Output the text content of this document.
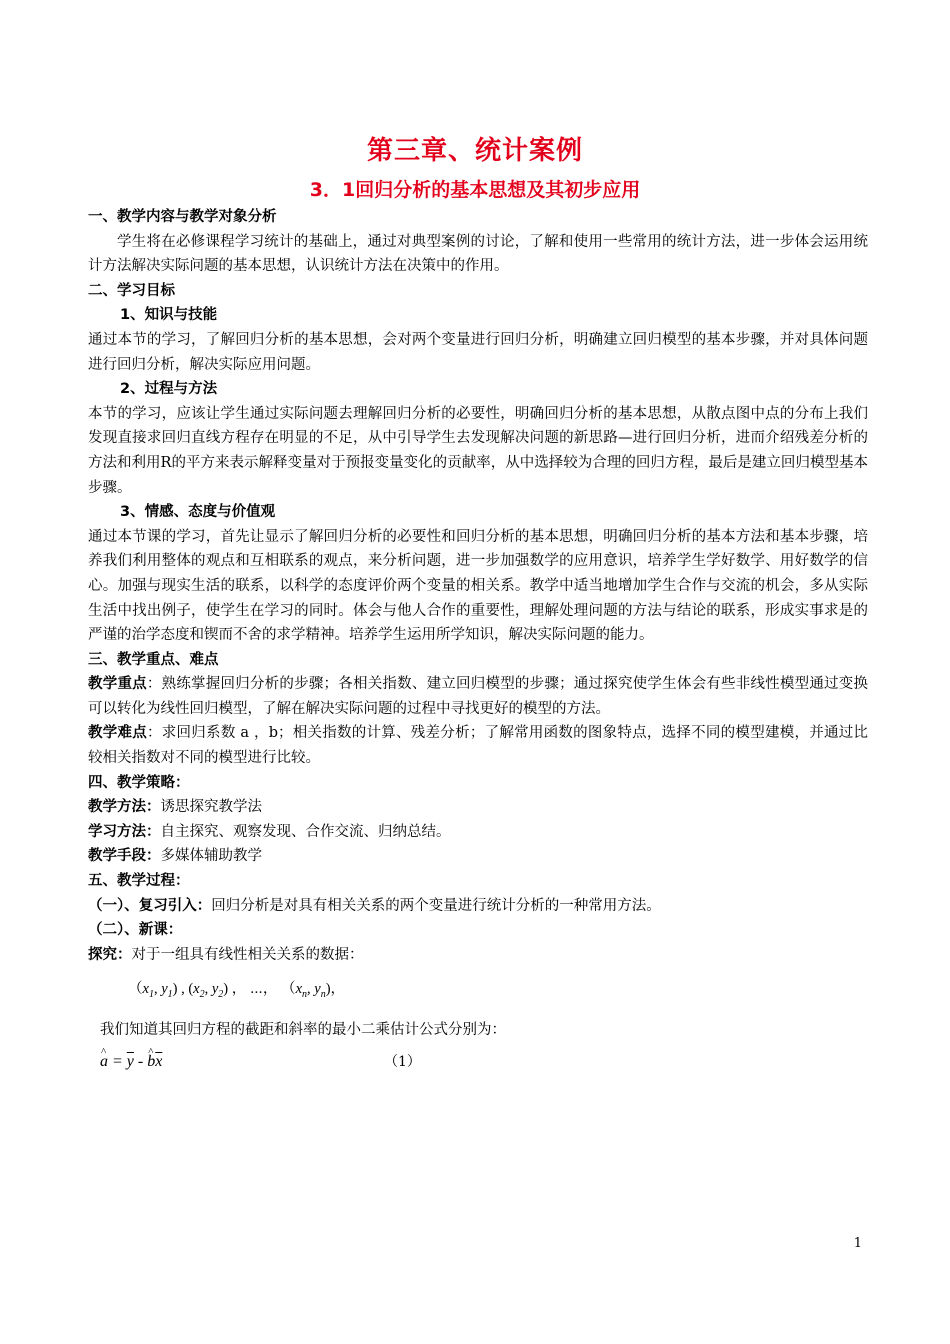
第三章、统计案例
3．1回归分析的基本思想及其初步应用

一、教学内容与教学对象分析

学生将在必修课程学习统计的基础上，通过对典型案例的讨论，了解和使用一些常用的统计方法，进一步体会运用统计方法解决实际问题的基本思想，认识统计方法在决策中的作用。

二、学习目标

1、知识与技能

通过本节的学习，了解回归分析的基本思想，会对两个变量进行回归分析，明确建立回归模型的基本步骤，并对具体问题进行回归分析，解决实际应用问题。

2、过程与方法

本节的学习，应该让学生通过实际问题去理解回归分析的必要性，明确回归分析的基本思想，从散点图中点的分布上我们发现直接求回归直线方程存在明显的不足，从中引导学生去发现解决问题的新思路—进行回归分析，进而介绍残差分析的方法和利用R的平方来表示解释变量对于预报变量变化的贡献率，从中选择较为合理的回归方程，最后是建立回归模型基本步骤。

3、情感、态度与价值观

通过本节课的学习，首先让显示了解回归分析的必要性和回归分析的基本思想，明确回归分析的基本方法和基本步骤，培养我们利用整体的观点和互相联系的观点，来分析问题，进一步加强数学的应用意识，培养学生学好数学、用好数学的信心。加强与现实生活的联系，以科学的态度评价两个变量的相关系。教学中适当地增加学生合作与交流的机会，多从实际生活中找出例子，使学生在学习的同时。体会与他人合作的重要性，理解处理问题的方法与结论的联系，形成实事求是的严谨的治学态度和锲而不舍的求学精神。培养学生运用所学知识，解决实际问题的能力。

三、教学重点、难点

教学重点：熟练掌握回归分析的步骤；各相关指数、建立回归模型的步骤；通过探究使学生体会有些非线性模型通过变换可以转化为线性回归模型，了解在解决实际问题的过程中寻找更好的模型的方法。

教学难点：求回归系数 a ，b；相关指数的计算、残差分析；了解常用函数的图象特点，选择不同的模型建模，并通过比较相关指数对不同的模型进行比较。

四、教学策略：

教学方法：诱思探究教学法

学习方法：自主探究、观察发现、合作交流、归纳总结。

教学手段：多媒体辅助教学

五、教学过程：

（一）、复习引入：回归分析是对具有相关关系的两个变量进行统计分析的一种常用方法。

（二）、新课：

探究：对于一组具有线性相关关系的数据：

（$x_1$, $y_1$) , ($x_2$, $y_2$) ， ⋯， （$x_n$, $y_n$)，

我们知道其回归方程的截距和斜率的最小二乘估计公式分别为：

^ $a = \overline{y}$ - ^ $b\overline{x}$	（1）
1
